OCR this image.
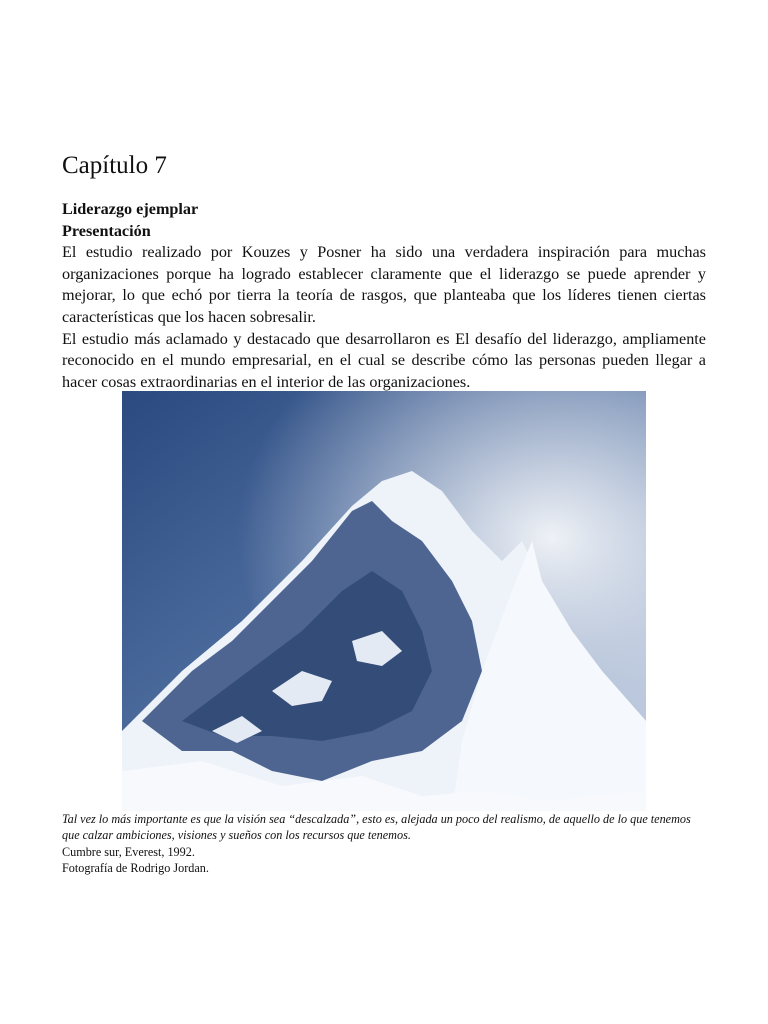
Capítulo 7

Liderazgo ejemplar

Presentación

El estudio realizado por Kouzes y Posner ha sido una verdadera inspiración para muchas organizaciones porque ha logrado establecer claramente que el liderazgo se puede aprender y mejorar, lo que echó por tierra la teoría de rasgos, que planteaba que los líderes tienen ciertas características que los hacen sobresalir.

El estudio más aclamado y destacado que desarrollaron es El desafío del liderazgo, ampliamente reconocido en el mundo empresarial, en el cual se describe cómo las personas pueden llegar a hacer cosas extraordinarias en el interior de las organizaciones.

Tal vez lo más importante es que la visión sea “descalzada”, esto es, alejada un poco del realismo, de aquello de lo que tenemos que calzar ambiciones, visiones y sueños con los recursos que tenemos.

Cumbre sur, Everest, 1992.

Fotografía de Rodrigo Jordan.
